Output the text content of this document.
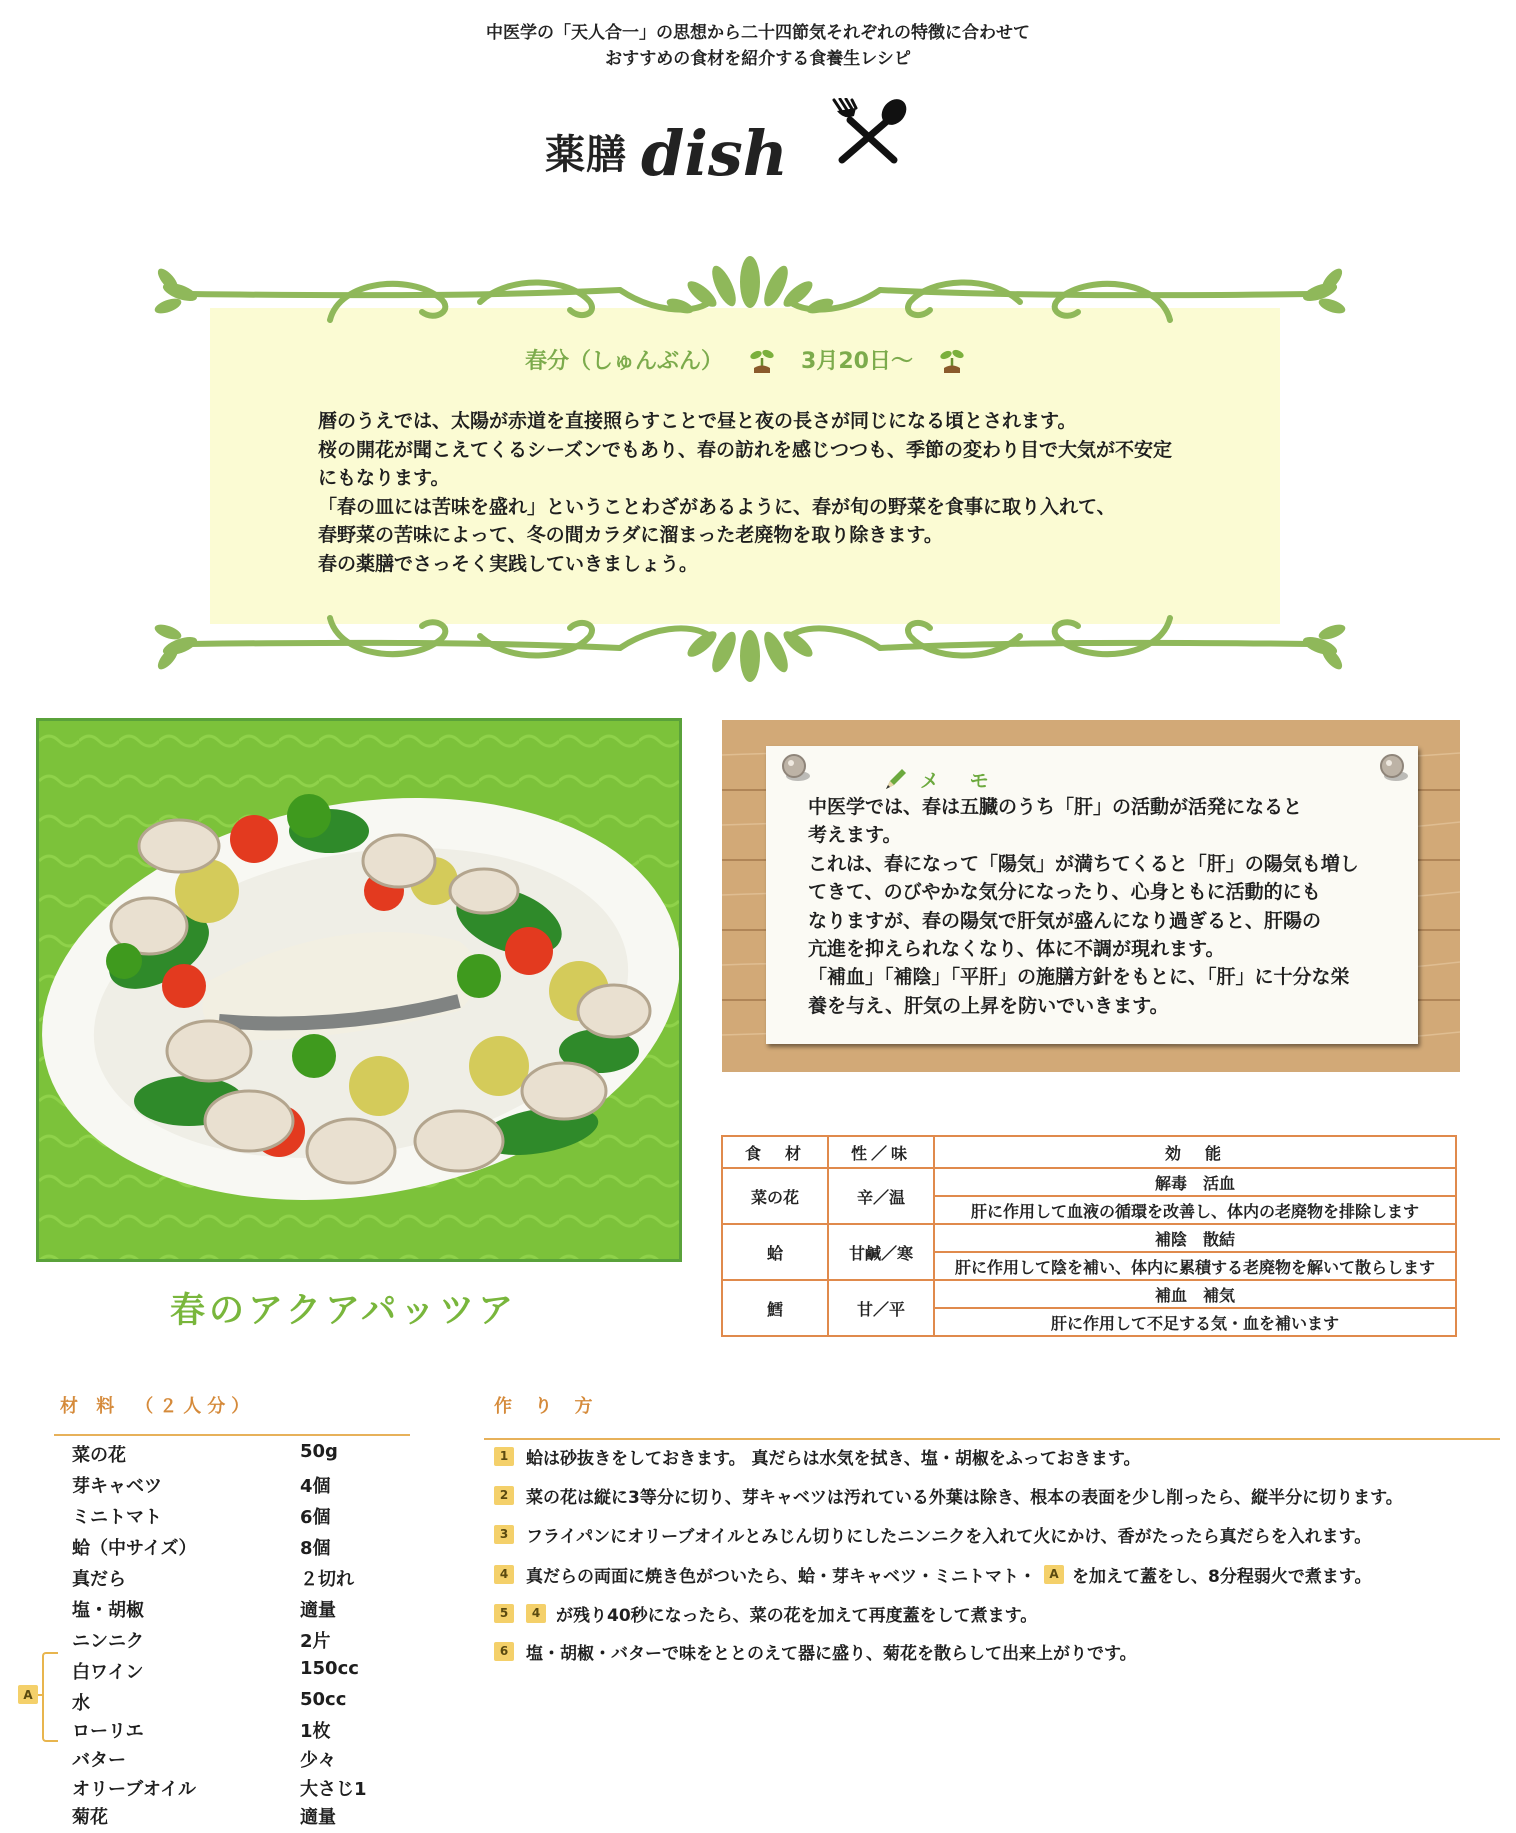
中医学の「天人合一」の思想から二十四節気それぞれの特徴に合わせて
おすすめの食材を紹介する食養生レシピ
薬膳 dish
春分（しゅんぶん）	3月20日～

暦のうえでは、太陽が赤道を直接照らすことで昼と夜の長さが同じになる頃とされます。

桜の開花が聞こえてくるシーズンでもあり、春の訪れを感じつつも、季節の変わり目で大気が不安定

にもなります。

「春の皿には苦味を盛れ」ということわざがあるように、春が旬の野菜を食事に取り入れて、

春野菜の苦味によって、冬の間カラダに溜まった老廃物を取り除きます。

春の薬膳でさっそく実践していきましょう。

春のアクアパッツア
メ モ

中医学では、春は五臓のうち「肝」の活動が活発になると

考えます。

これは、春になって「陽気」が満ちてくると「肝」の陽気も増し

てきて、のびやかな気分になったり、心身ともに活動的にも

なりますが、春の陽気で肝気が盛んになり過ぎると、肝陽の

亢進を抑えられなくなり、体に不調が現れます。

「補血」「補陰」「平肝」の施膳方針をもとに、「肝」に十分な栄

養を与え、肝気の上昇を防いでいきます。

食　材	性／味	効　能
菜の花	辛／温	解毒　活血
		肝に作用して血液の循環を改善し、体内の老廃物を排除します
蛤	甘鹹／寒	補陰　散結
		肝に作用して陰を補い、体内に累積する老廃物を解いて散らします
鱈	甘／平	補血　補気
		肝に作用して不足する気・血を補います
材 料　（２人分）
菜の花	50g
芽キャベツ	4個
ミニトマト	6個
蛤（中サイズ）	8個
真だら	２切れ
塩・胡椒	適量
ニンニク	2片
白ワイン	150cc
水	50cc
ローリエ	1枚
バター	少々
オリーブオイル	大さじ1
菊花	適量
A
作 り 方
1	蛤は砂抜きをしておきます。 真だらは水気を拭き、塩・胡椒をふっておきます。
2	菜の花は縦に3等分に切り、芽キャベツは汚れている外葉は除き、根本の表面を少し削ったら、縦半分に切ります。
3	フライパンにオリーブオイルとみじん切りにしたニンニクを入れて火にかけ、香がたったら真だらを入れます。
4	真だらの両面に焼き色がついたら、蛤・芽キャベツ・ミニトマト・	A を加えて蓋をし、8分程弱火で煮ます。
5	4 が残り40秒になったら、菜の花を加えて再度蓋をして煮ます。
6	塩・胡椒・バターで味をととのえて器に盛り、菊花を散らして出来上がりです。
